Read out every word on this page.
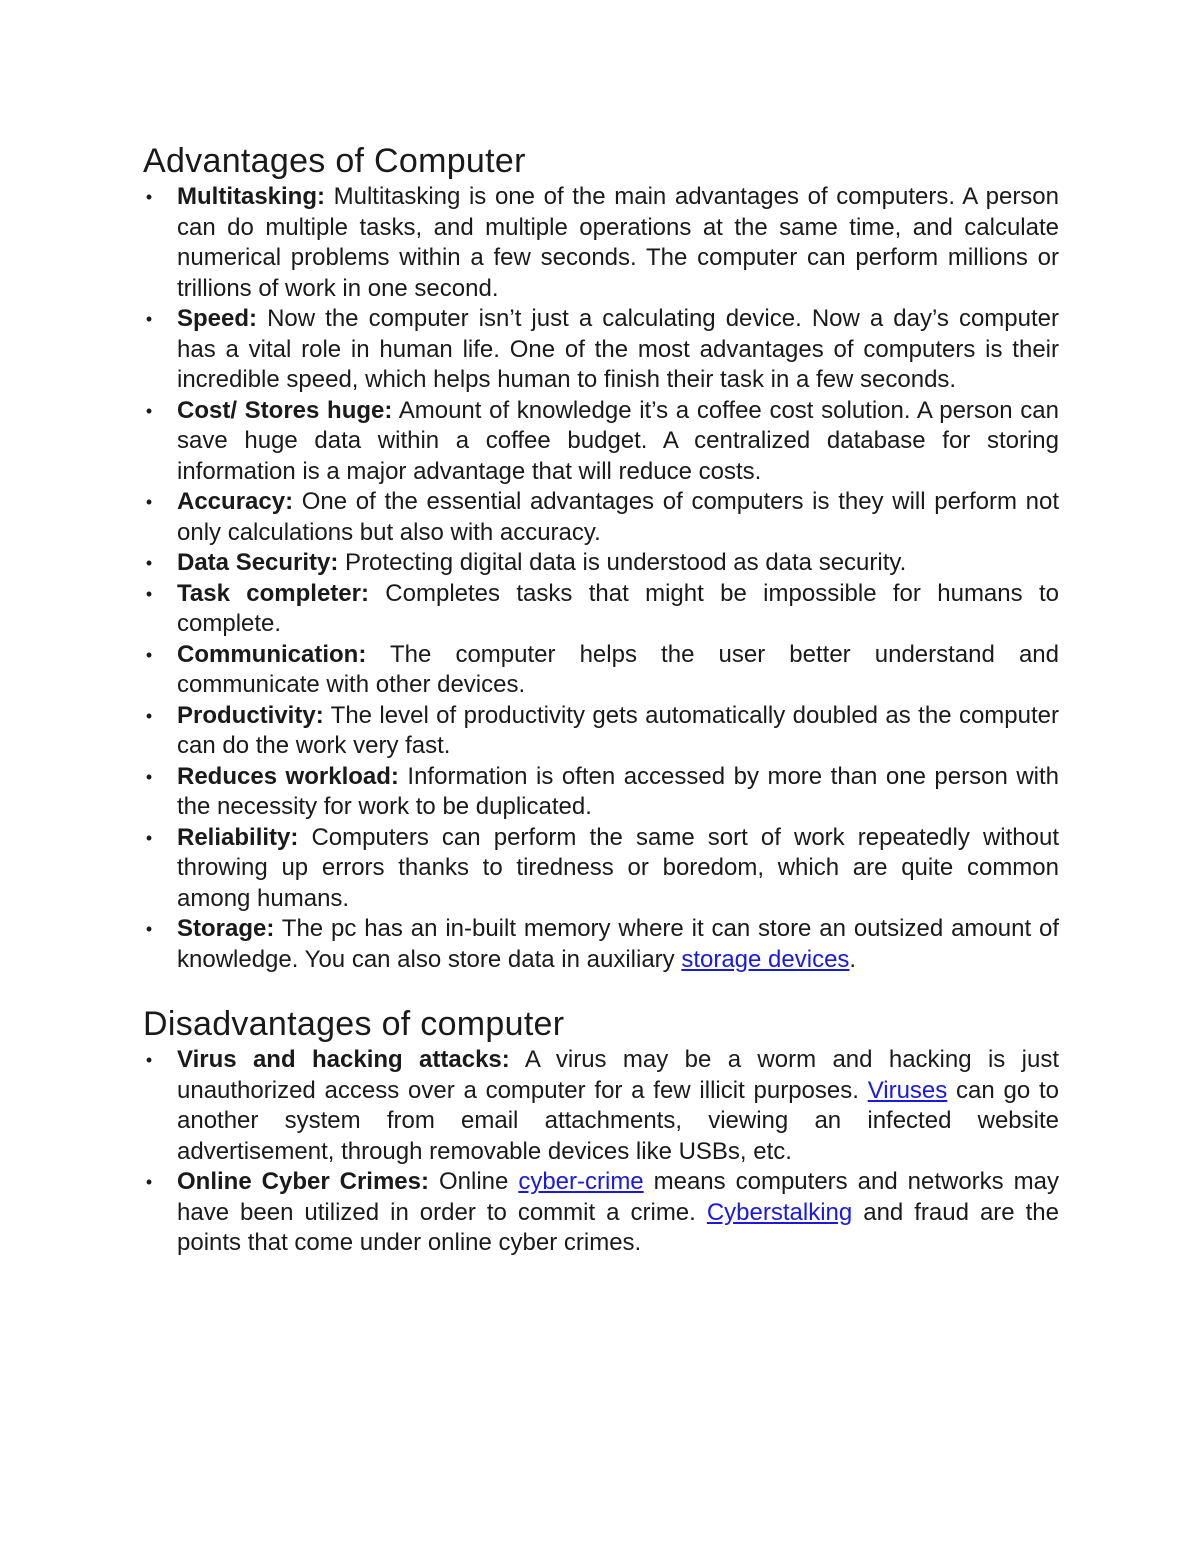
Advantages of Computer
• Multitasking: Multitasking is one of the main advantages of computers. A person can do multiple tasks, and multiple operations at the same time, and calculate numerical problems within a few seconds. The computer can perform millions or trillions of work in one second.
• Speed: Now the computer isn’t just a calculating device. Now a day’s computer has a vital role in human life. One of the most advantages of computers is their incredible speed, which helps human to finish their task in a few seconds.
• Cost/ Stores huge: Amount of knowledge it’s a coffee cost solution. A person can save huge data within a coffee budget. A centralized database for storing information is a major advantage that will reduce costs.
• Accuracy: One of the essential advantages of computers is they will perform not only calculations but also with accuracy.
• Data Security: Protecting digital data is understood as data security.
• Task completer: Completes tasks that might be impossible for humans to complete.
• Communication: The computer helps the user better understand and communicate with other devices.
• Productivity: The level of productivity gets automatically doubled as the computer can do the work very fast.
• Reduces workload: Information is often accessed by more than one person with the necessity for work to be duplicated.
• Reliability: Computers can perform the same sort of work repeatedly without throwing up errors thanks to tiredness or boredom, which are quite common among humans.
• Storage: The pc has an in-built memory where it can store an outsized amount of knowledge. You can also store data in auxiliary storage devices.
Disadvantages of computer
• Virus and hacking attacks: A virus may be a worm and hacking is just unauthorized access over a computer for a few illicit purposes. Viruses can go to another system from email attachments, viewing an infected website advertisement, through removable devices like USBs, etc.
• Online Cyber Crimes: Online cyber-crime means computers and networks may have been utilized in order to commit a crime. Cyberstalking and fraud are the points that come under online cyber crimes.
